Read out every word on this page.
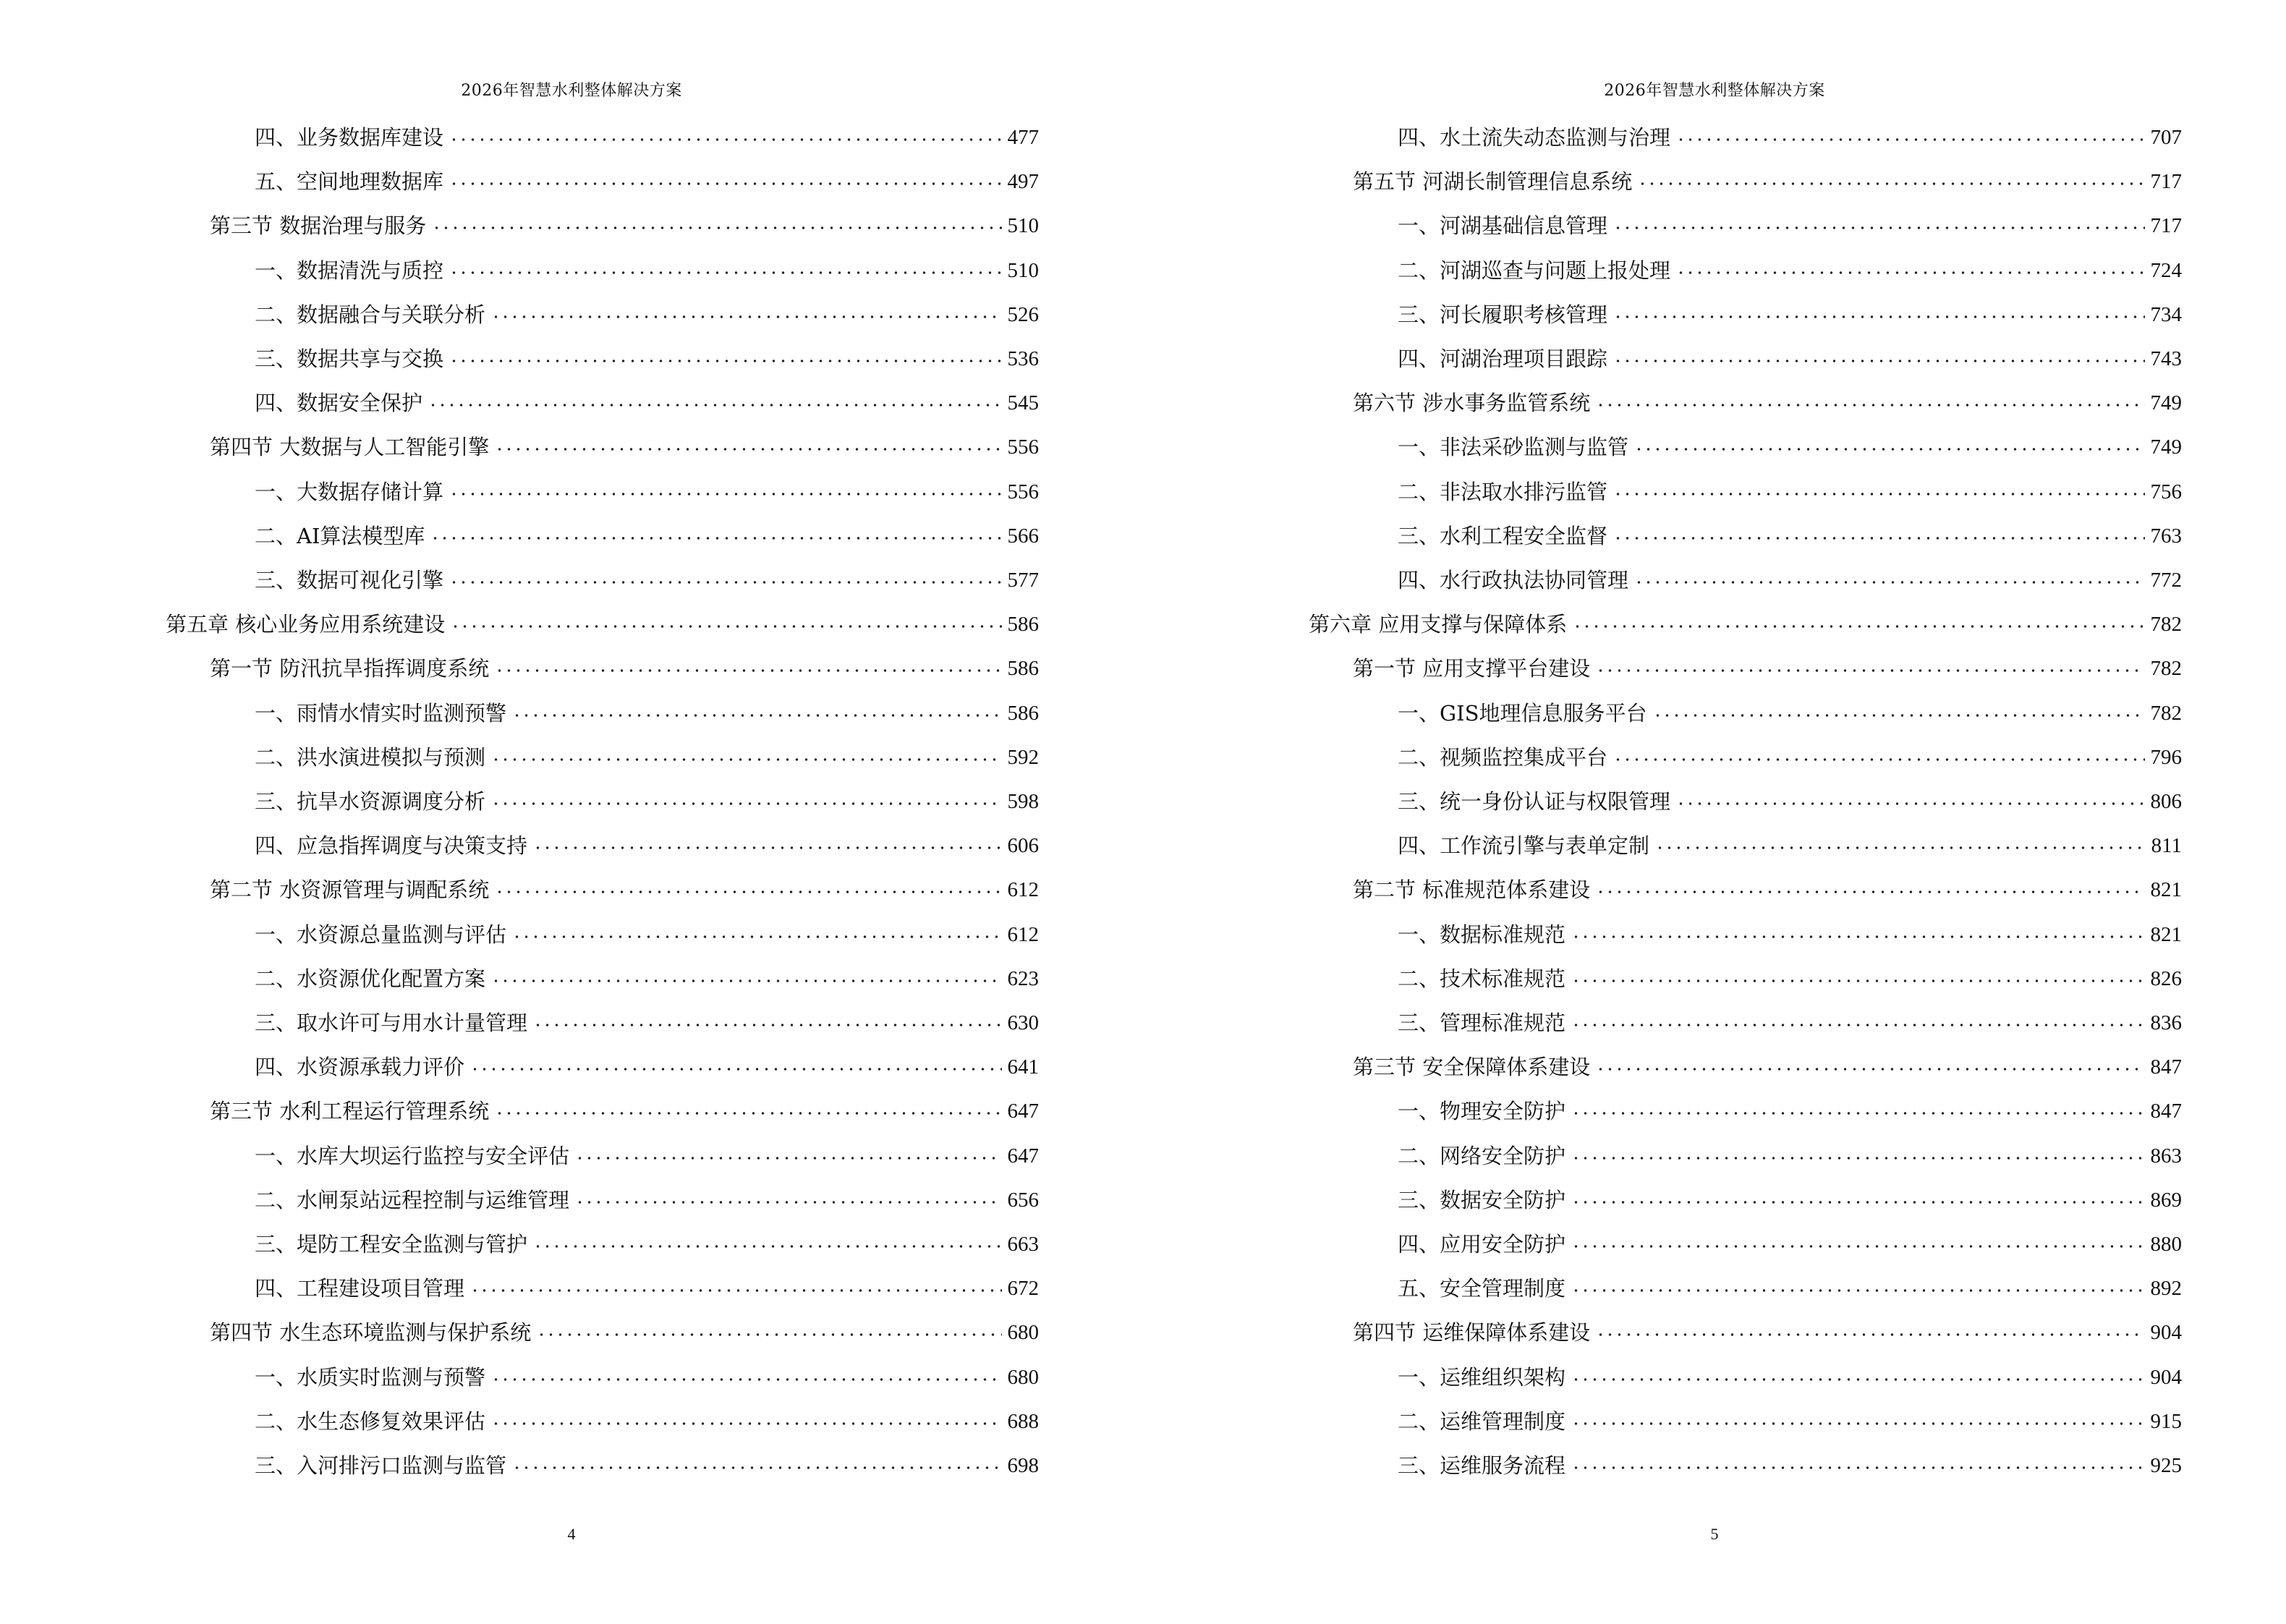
2026年智慧水利整体解决方案
四、业务数据库建设	477
五、空间地理数据库	497
第三节 数据治理与服务	510
一、数据清洗与质控	510
二、数据融合与关联分析	526
三、数据共享与交换	536
四、数据安全保护	545
第四节 大数据与人工智能引擎	556
一、大数据存储计算	556
二、AI算法模型库	566
三、数据可视化引擎	577
第五章 核心业务应用系统建设	586
第一节 防汛抗旱指挥调度系统	586
一、雨情水情实时监测预警	586
二、洪水演进模拟与预测	592
三、抗旱水资源调度分析	598
四、应急指挥调度与决策支持	606
第二节 水资源管理与调配系统	612
一、水资源总量监测与评估	612
二、水资源优化配置方案	623
三、取水许可与用水计量管理	630
四、水资源承载力评价	641
第三节 水利工程运行管理系统	647
一、水库大坝运行监控与安全评估	647
二、水闸泵站远程控制与运维管理	656
三、堤防工程安全监测与管护	663
四、工程建设项目管理	672
第四节 水生态环境监测与保护系统	680
一、水质实时监测与预警	680
二、水生态修复效果评估	688
三、入河排污口监测与监管	698
4
2026年智慧水利整体解决方案
四、水土流失动态监测与治理	707
第五节 河湖长制管理信息系统	717
一、河湖基础信息管理	717
二、河湖巡查与问题上报处理	724
三、河长履职考核管理	734
四、河湖治理项目跟踪	743
第六节 涉水事务监管系统	749
一、非法采砂监测与监管	749
二、非法取水排污监管	756
三、水利工程安全监督	763
四、水行政执法协同管理	772
第六章 应用支撑与保障体系	782
第一节 应用支撑平台建设	782
一、GIS地理信息服务平台	782
二、视频监控集成平台	796
三、统一身份认证与权限管理	806
四、工作流引擎与表单定制	811
第二节 标准规范体系建设	821
一、数据标准规范	821
二、技术标准规范	826
三、管理标准规范	836
第三节 安全保障体系建设	847
一、物理安全防护	847
二、网络安全防护	863
三、数据安全防护	869
四、应用安全防护	880
五、安全管理制度	892
第四节 运维保障体系建设	904
一、运维组织架构	904
二、运维管理制度	915
三、运维服务流程	925
5
